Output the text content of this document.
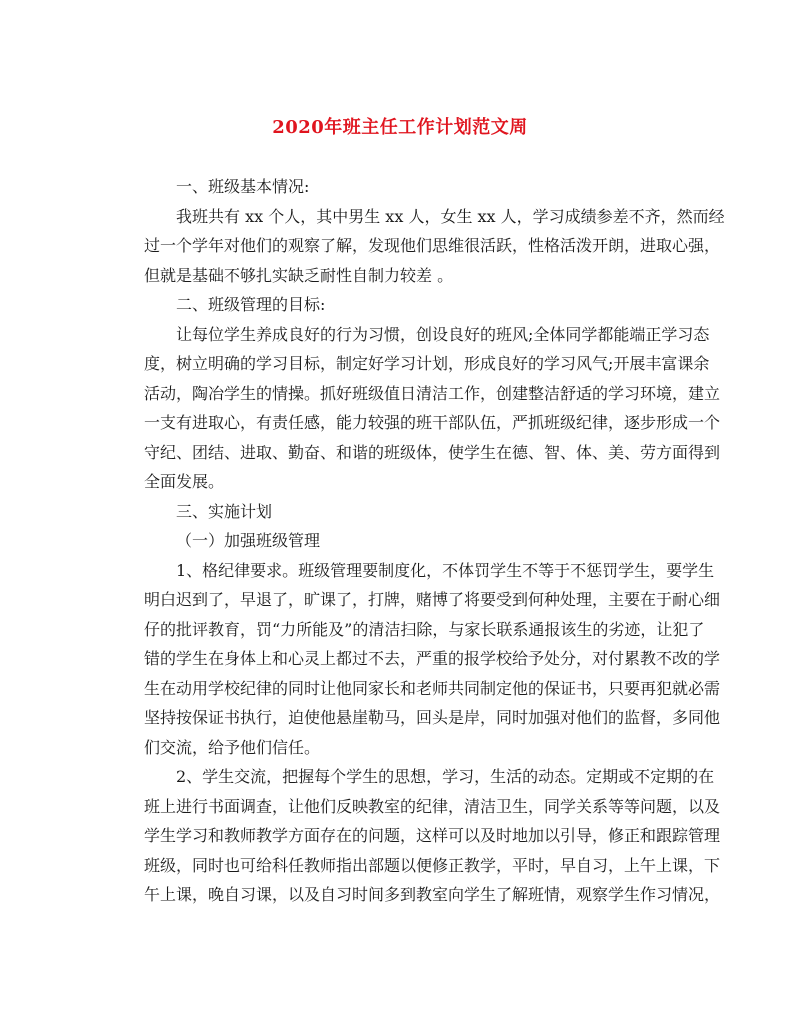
2020年班主任工作计划范文周
一、班级基本情况:
我班共有 xx 个人，其中男生 xx 人，女生 xx 人，学习成绩参差不齐，然而经
过一个学年对他们的观察了解，发现他们思维很活跃，性格活泼开朗，进取心强，
但就是基础不够扎实缺乏耐性自制力较差 。
二、班级管理的目标:
让每位学生养成良好的行为习惯，创设良好的班风;全体同学都能端正学习态
度，树立明确的学习目标，制定好学习计划，形成良好的学习风气;开展丰富课余
活动，陶冶学生的情操。抓好班级值日清洁工作，创建整洁舒适的学习环境，建立
一支有进取心，有责任感，能力较强的班干部队伍，严抓班级纪律，逐步形成一个
守纪、团结、进取、勤奋、和谐的班级体，使学生在德、智、体、美、劳方面得到
全面发展。
三、实施计划
（一）加强班级管理
1、格纪律要求。班级管理要制度化，不体罚学生不等于不惩罚学生，要学生
明白迟到了，早退了，旷课了，打牌，赌博了将要受到何种处理，主要在于耐心细
仔的批评教育，罚“力所能及”的清洁扫除，与家长联系通报该生的劣迹，让犯了
错的学生在身体上和心灵上都过不去，严重的报学校给予处分，对付累教不改的学
生在动用学校纪律的同时让他同家长和老师共同制定他的保证书，只要再犯就必需
坚持按保证书执行，迫使他悬崖勒马，回头是岸，同时加强对他们的监督，多同他
们交流，给予他们信任。
2、学生交流，把握每个学生的思想，学习，生活的动态。定期或不定期的在
班上进行书面调查，让他们反映教室的纪律，清洁卫生，同学关系等等问题，以及
学生学习和教师教学方面存在的问题，这样可以及时地加以引导，修正和跟踪管理
班级，同时也可给科任教师指出部题以便修正教学，平时，早自习，上午上课，下
午上课，晚自习课，以及自习时间多到教室向学生了解班情，观察学生作习情况，
